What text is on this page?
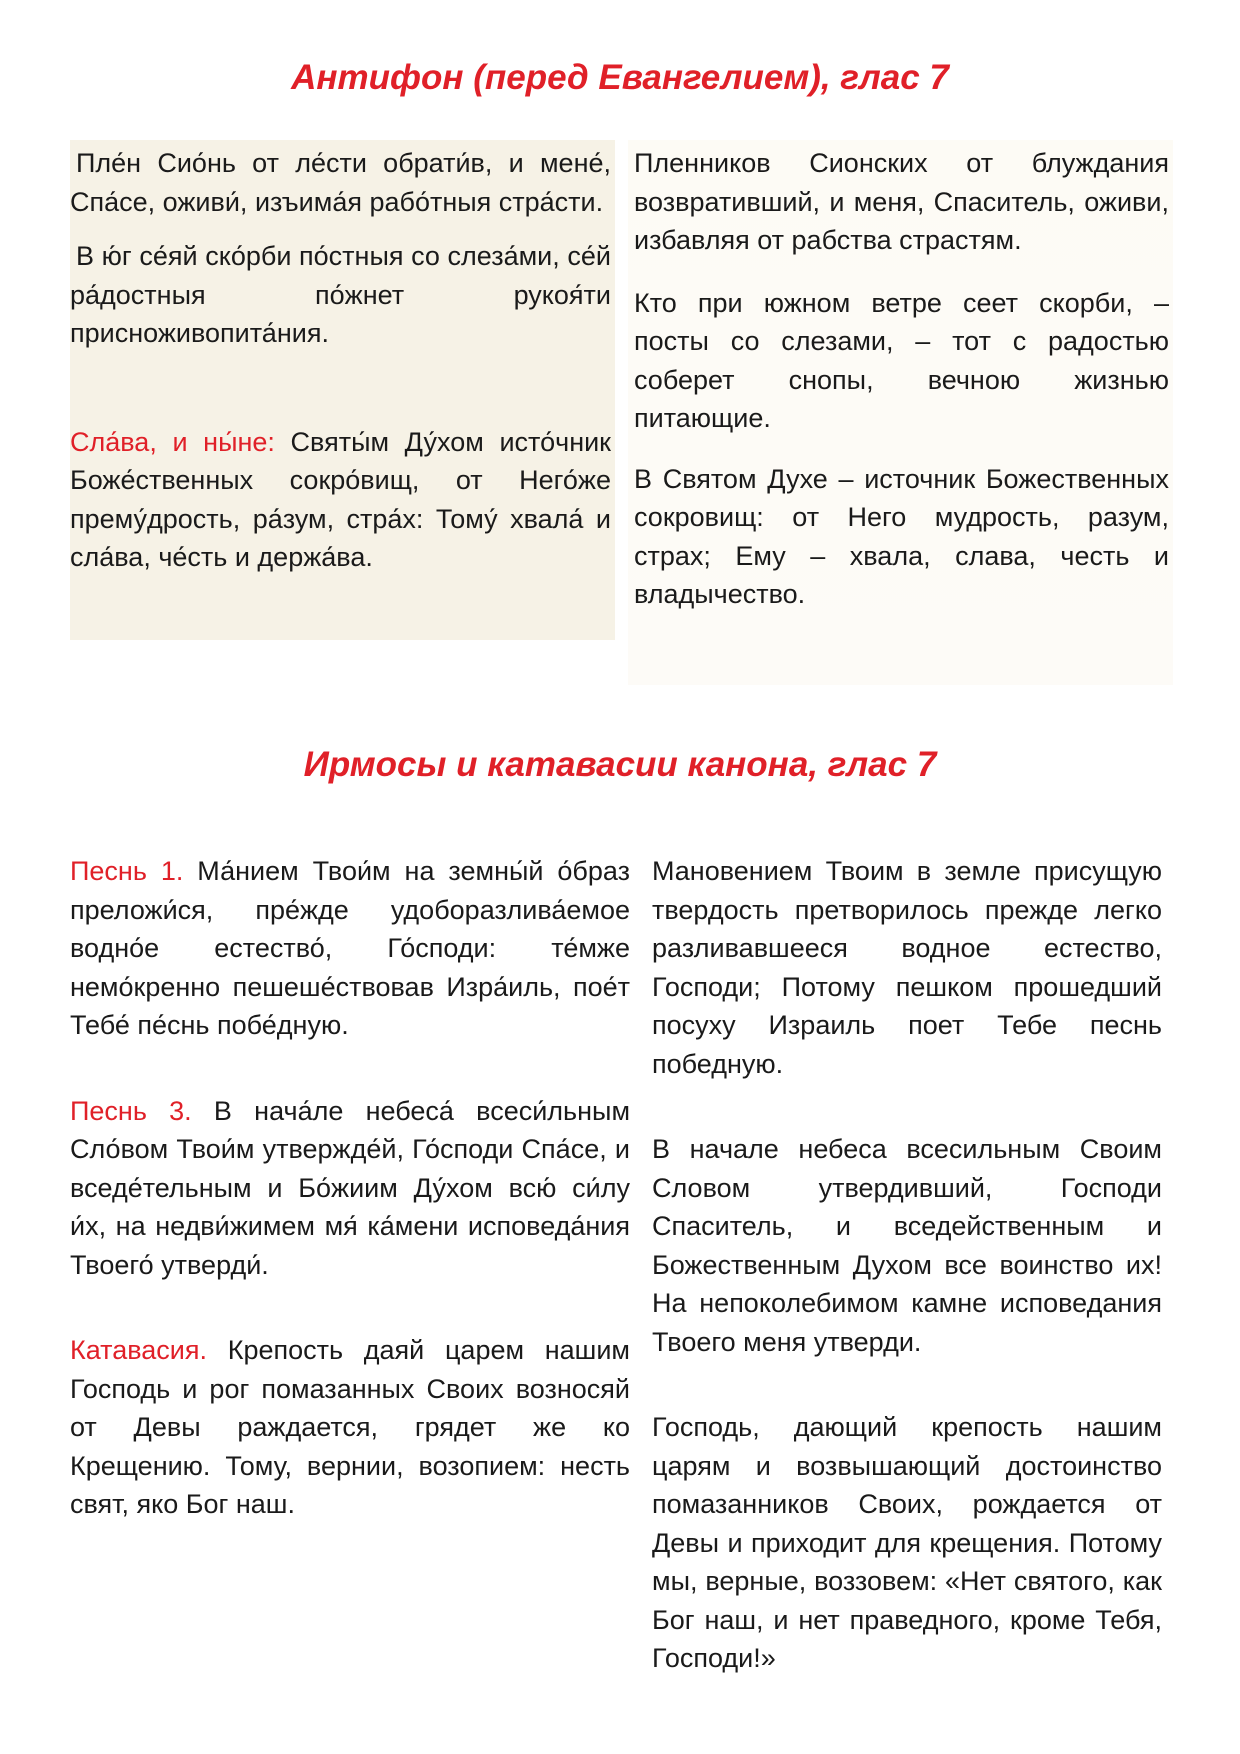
Антифон (перед Евангелием), глас 7

Пле́н Сио́нь от ле́сти обрати́в, и мене́, Спа́се, оживи́, изъима́я рабо́тныя стра́сти.

В ю́г се́яй ско́рби по́стныя со слеза́ми, се́й ра́достныя по́жнет рукоя́ти присноживопита́ния.

Сла́ва, и ны́не: Святы́м Ду́хом исто́чник Боже́ственных сокро́вищ, от Него́же прему́дрость, ра́зум, стра́х: Тому́ хвала́ и сла́ва, че́сть и держа́ва.

Пленников Сионских от блуждания возвративший, и меня, Спаситель, оживи, избавляя от рабства страстям.

Кто при южном ветре сеет скорби, – посты со слезами, – тот с радостью соберет снопы, вечною жизнью питающие.

В Святом Духе – источник Божественных сокровищ: от Него мудрость, разум, страх; Ему – хвала, слава, честь и владычество.

Ирмосы и катавасии канона, глас 7

Песнь 1. Ма́нием Твои́м на земны́й о́браз преложи́ся, пре́жде удоборазлива́емое водно́е естество́, Го́споди: те́мже немо́кренно пешеше́ствовав Изра́иль, пое́т Тебе́ пе́снь побе́дную.

Песнь 3. В нача́ле небеса́ всеси́льным Сло́вом Твои́м утвержде́й, Го́споди Спа́се, и вседе́тельным и Бо́жиим Ду́хом всю́ си́лу и́х, на недви́жимем мя́ ка́мени исповеда́ния Твоего́ утверди́.

Катавасия. Крепость даяй царем нашим Господь и рог помазанных Своих возносяй от Девы раждается, грядет же ко Крещению. Тому, вернии, возопием: несть свят, яко Бог наш.

Мановением Твоим в земле присущую твердость претворилось прежде легко разливавшееся водное естество, Господи; Потому пешком прошедший посуху Израиль поет Тебе песнь победную.

В начале небеса всесильным Своим Словом утвердивший, Господи Спаситель, и вседейственным и Божественным Духом все воинство их! На непоколебимом камне исповедания Твоего меня утверди.

Господь, дающий крепость нашим царям и возвышающий достоинство помазанников Своих, рождается от Девы и приходит для крещения. Потому мы, верные, воззовем: «Нет святого, как Бог наш, и нет праведного, кроме Тебя, Господи!»
